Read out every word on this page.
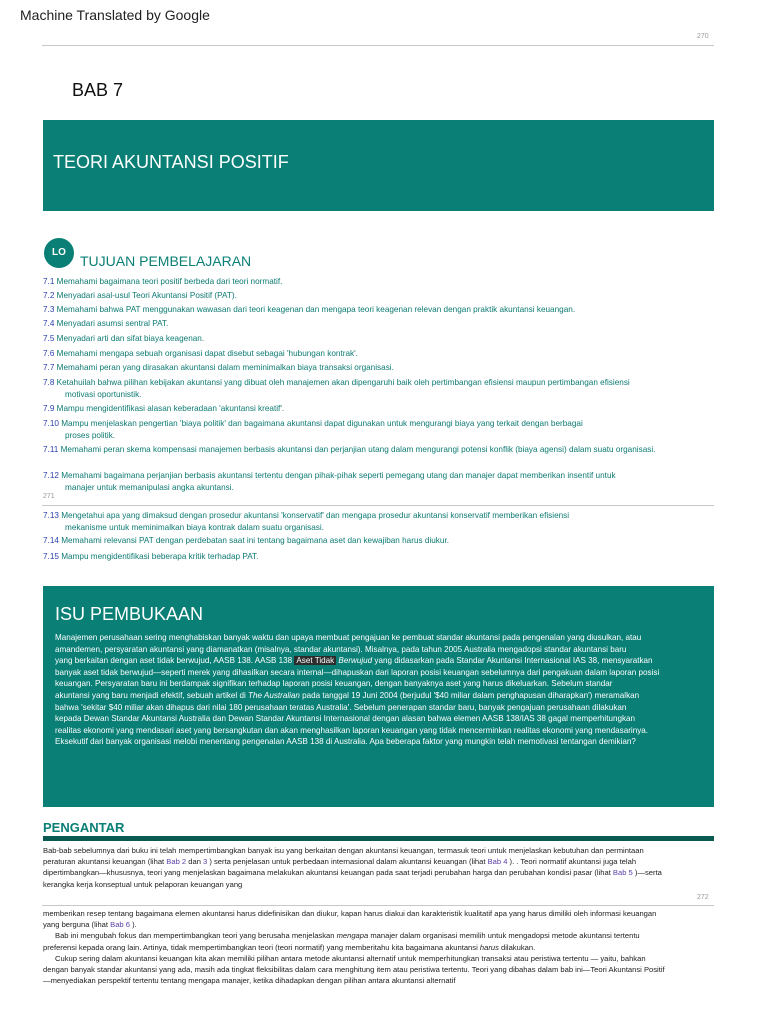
Machine Translated by Google
270
BAB 7
TEORI AKUNTANSI POSITIF
LO
TUJUAN PEMBELAJARAN
7.1 Memahami bagaimana teori positif berbeda dari teori normatif.
7.2 Menyadari asal-usul Teori Akuntansi Positif (PAT).
7.3 Memahami bahwa PAT menggunakan wawasan dari teori keagenan dan mengapa teori keagenan relevan dengan praktik akuntansi keuangan.
7.4 Menyadari asumsi sentral PAT.
7.5 Menyadari arti dan sifat biaya keagenan.
7.6 Memahami mengapa sebuah organisasi dapat disebut sebagai 'hubungan kontrak'.
7.7 Memahami peran yang dirasakan akuntansi dalam meminimalkan biaya transaksi organisasi.
7.8 Ketahuilah bahwa pilihan kebijakan akuntansi yang dibuat oleh manajemen akan dipengaruhi baik oleh pertimbangan efisiensi maupun pertimbangan efisiensi
motivasi oportunistik.
7.9 Mampu mengidentifikasi alasan keberadaan 'akuntansi kreatif'.
7.10 Mampu menjelaskan pengertian 'biaya politik' dan bagaimana akuntansi dapat digunakan untuk mengurangi biaya yang terkait dengan berbagai
proses politik.
7.11 Memahami peran skema kompensasi manajemen berbasis akuntansi dan perjanjian utang dalam mengurangi potensi konflik (biaya agensi) dalam suatu organisasi.
7.12 Memahami bagaimana perjanjian berbasis akuntansi tertentu dengan pihak-pihak seperti pemegang utang dan manajer dapat memberikan insentif untuk
manajer untuk memanipulasi angka akuntansi.
271
7.13 Mengetahui apa yang dimaksud dengan prosedur akuntansi 'konservatif' dan mengapa prosedur akuntansi konservatif memberikan efisiensi
mekanisme untuk meminimalkan biaya kontrak dalam suatu organisasi.
7.14 Memahami relevansi PAT dengan perdebatan saat ini tentang bagaimana aset dan kewajiban harus diukur.
7.15 Mampu mengidentifikasi beberapa kritik terhadap PAT.
ISU PEMBUKAAN
Manajemen perusahaan sering menghabiskan banyak waktu dan upaya membuat pengajuan ke pembuat standar akuntansi pada pengenalan yang diusulkan, atau
amandemen, persyaratan akuntansi yang diamanatkan (misalnya, standar akuntansi). Misalnya, pada tahun 2005 Australia mengadopsi standar akuntansi baru
yang berkaitan dengan aset tidak berwujud, AASB 138. AASB 138 Aset Tidak Berwujud yang didasarkan pada Standar Akuntansi Internasional IAS 38, mensyaratkan
banyak aset tidak berwujud—seperti merek yang dihasilkan secara internal—dihapuskan dari laporan posisi keuangan sebelumnya dari pengakuan dalam laporan posisi
keuangan. Persyaratan baru ini berdampak signifikan terhadap laporan posisi keuangan, dengan banyaknya aset yang harus dikeluarkan. Sebelum standar
akuntansi yang baru menjadi efektif, sebuah artikel di The Australian pada tanggal 19 Juni 2004 (berjudul '$40 miliar dalam penghapusan diharapkan') meramalkan
bahwa 'sekitar $40 miliar akan dihapus dari nilai 180 perusahaan teratas Australia'. Sebelum penerapan standar baru, banyak pengajuan perusahaan dilakukan
kepada Dewan Standar Akuntansi Australia dan Dewan Standar Akuntansi Internasional dengan alasan bahwa elemen AASB 138/IAS 38 gagal memperhitungkan
realitas ekonomi yang mendasari aset yang bersangkutan dan akan menghasilkan laporan keuangan yang tidak mencerminkan realitas ekonomi yang mendasarinya.
Eksekutif dari banyak organisasi melobi menentang pengenalan AASB 138 di Australia. Apa beberapa faktor yang mungkin telah memotivasi tentangan demikian?
PENGANTAR
Bab-bab sebelumnya dari buku ini telah mempertimbangkan banyak isu yang berkaitan dengan akuntansi keuangan, termasuk teori untuk menjelaskan kebutuhan dan permintaan
peraturan akuntansi keuangan (lihat Bab 2 dan 3 ) serta penjelasan untuk perbedaan internasional dalam akuntansi keuangan (lihat Bab 4 ). . Teori normatif akuntansi juga telah
dipertimbangkan—khususnya, teori yang menjelaskan bagaimana melakukan akuntansi keuangan pada saat terjadi perubahan harga dan perubahan kondisi pasar (lihat Bab 5 )—serta
kerangka kerja konseptual untuk pelaporan keuangan yang
272
memberikan resep tentang bagaimana elemen akuntansi harus didefinisikan dan diukur, kapan harus diakui dan karakteristik kualitatif apa yang harus dimiliki oleh informasi keuangan
yang berguna (lihat Bab 6 ).
Bab ini mengubah fokus dan mempertimbangkan teori yang berusaha menjelaskan mengapa manajer dalam organisasi memilih untuk mengadopsi metode akuntansi tertentu
preferensi kepada orang lain. Artinya, tidak mempertimbangkan teori (teori normatif) yang memberitahu kita bagaimana akuntansi harus dilakukan.
Cukup sering dalam akuntansi keuangan kita akan memiliki pilihan antara metode akuntansi alternatif untuk memperhitungkan transaksi atau peristiwa tertentu — yaitu, bahkan
dengan banyak standar akuntansi yang ada, masih ada tingkat fleksibilitas dalam cara menghitung item atau peristiwa tertentu. Teori yang dibahas dalam bab ini—Teori Akuntansi Positif
—menyediakan perspektif tertentu tentang mengapa manajer, ketika dihadapkan dengan pilihan antara akuntansi alternatif
